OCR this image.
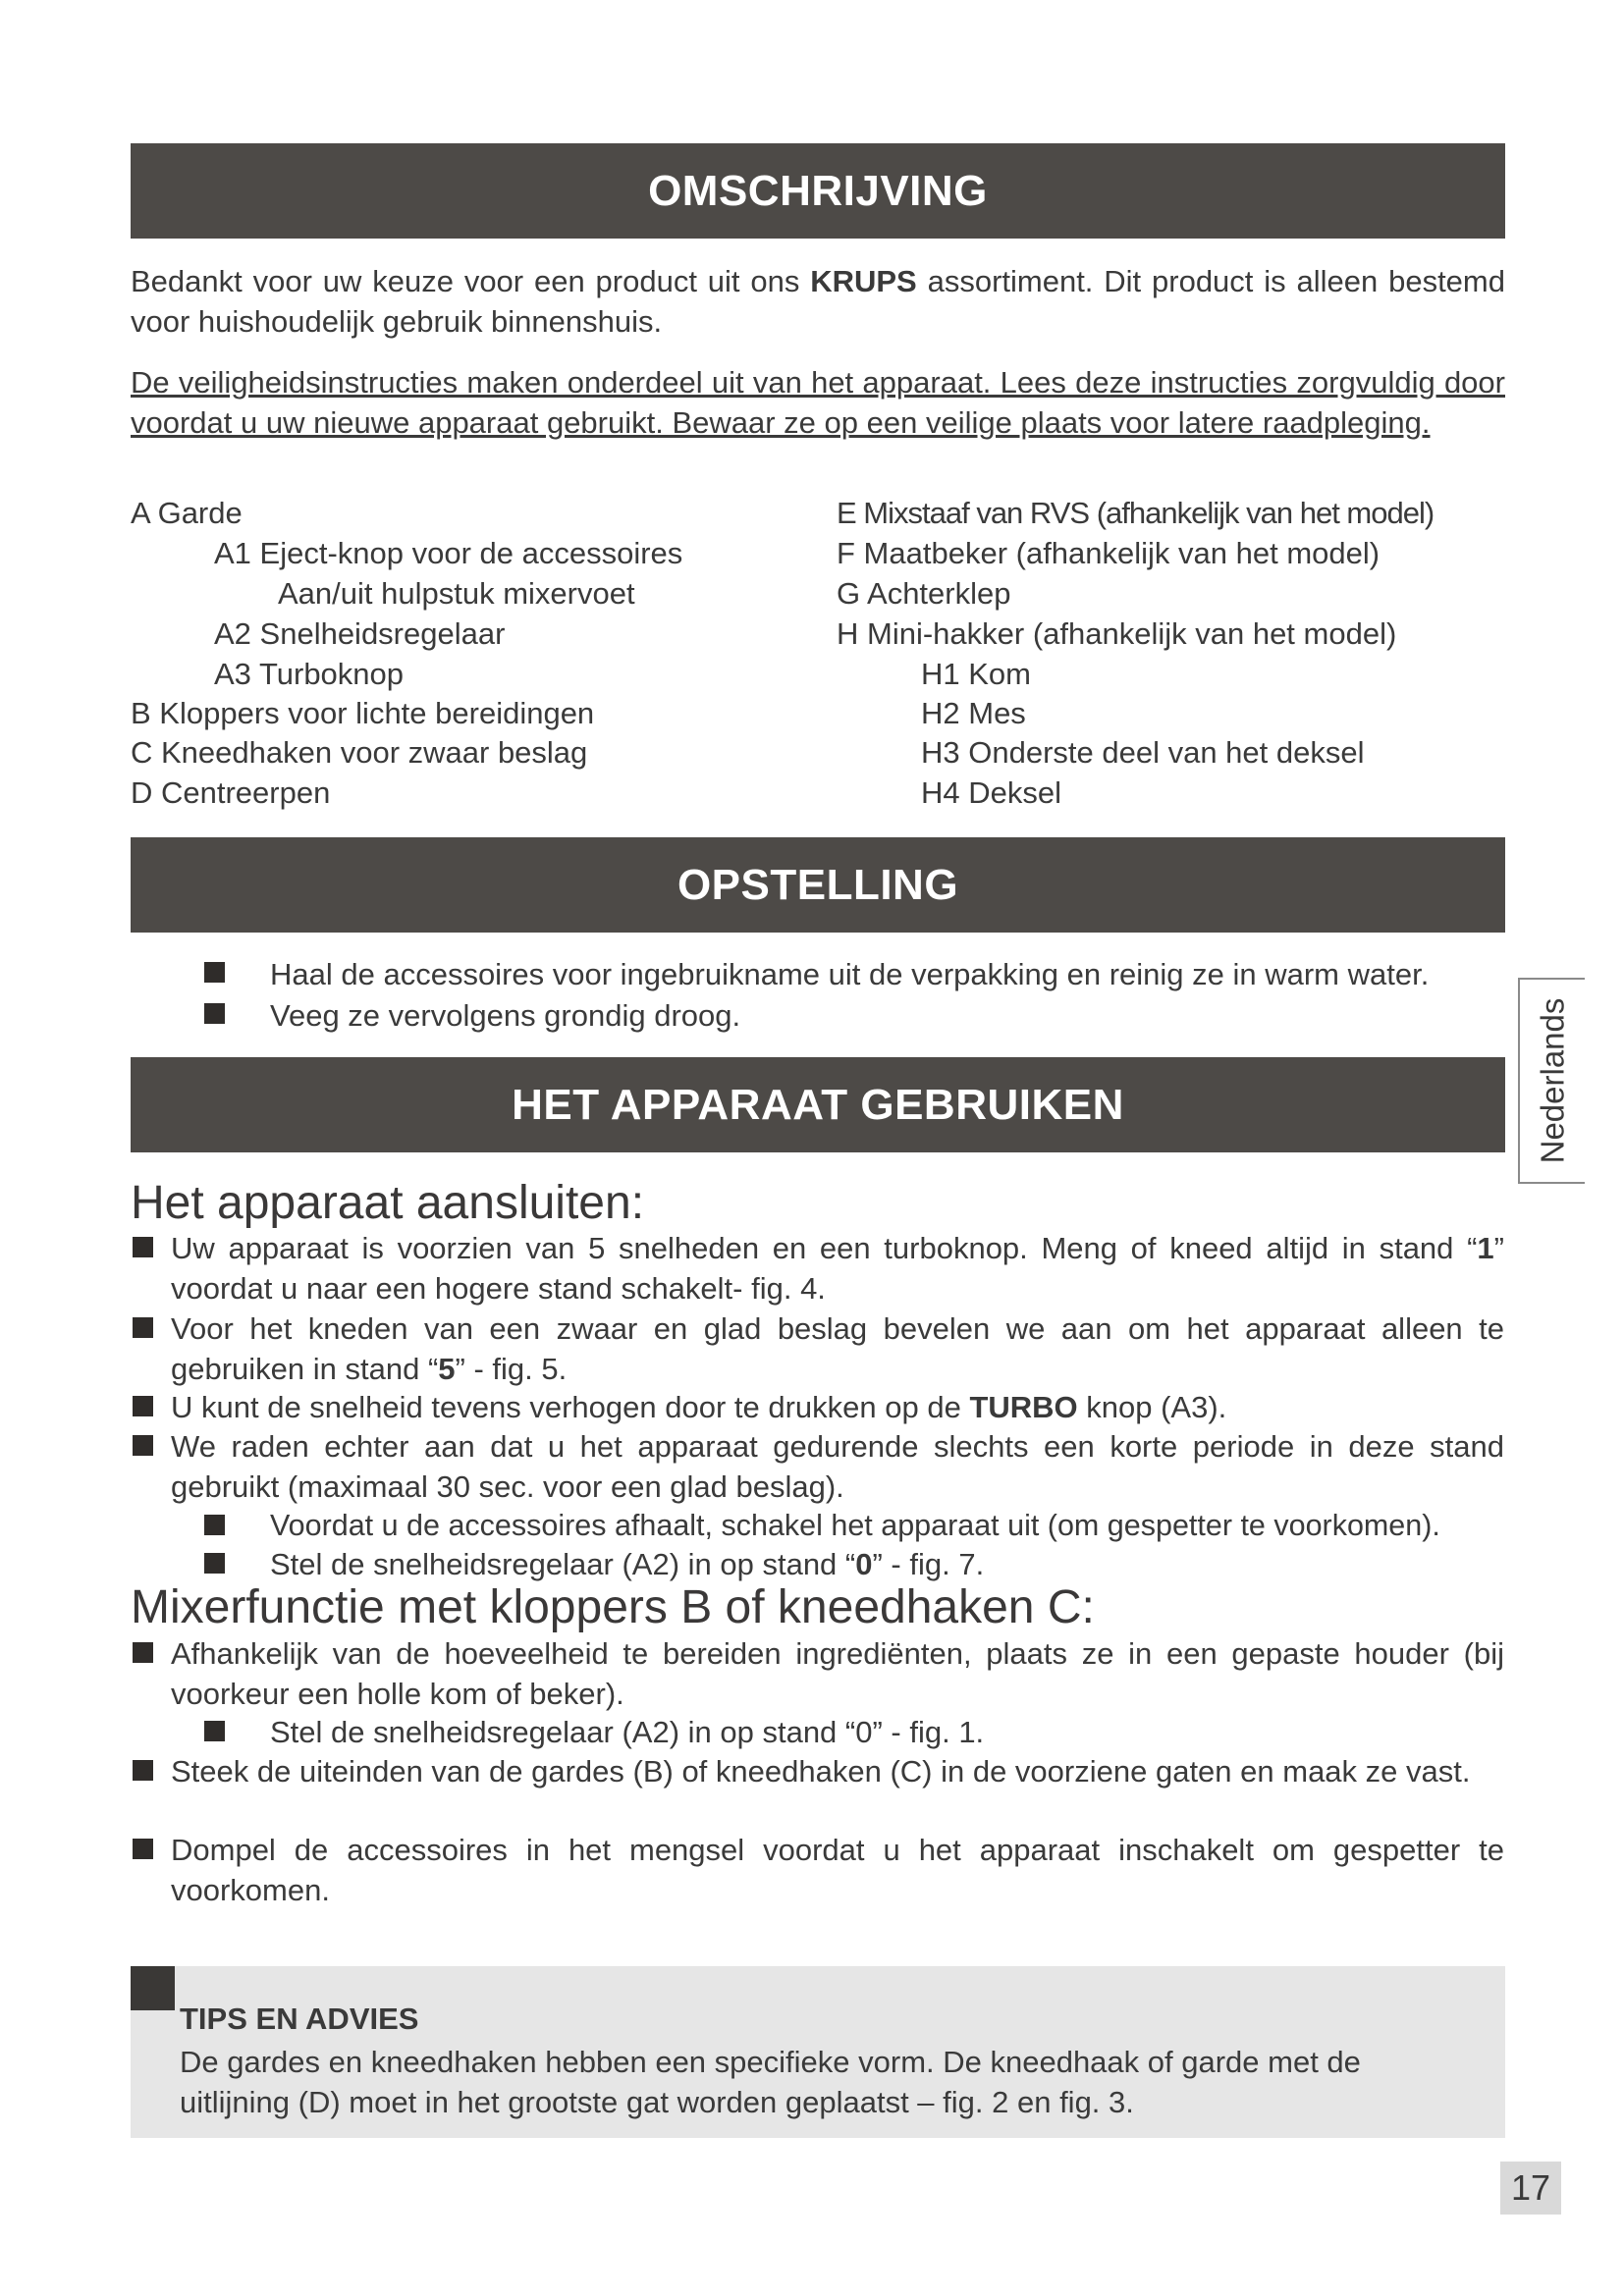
OMSCHRIJVING

Bedankt voor uw keuze voor een product uit ons KRUPS assortiment. Dit product is alleen bestemd voor huishoudelijk gebruik binnenshuis.

De veiligheidsinstructies maken onderdeel uit van het apparaat. Lees deze instructies zorgvuldig door voordat u uw nieuwe apparaat gebruikt. Bewaar ze op een veilige plaats voor latere raadpleging.

A Garde
A1 Eject-knop voor de accessoires
Aan/uit hulpstuk mixervoet
A2 Snelheidsregelaar
A3 Turboknop
B Kloppers voor lichte bereidingen
C Kneedhaken voor zwaar beslag
D Centreerpen
E Mixstaaf van RVS (afhankelijk van het model)
F Maatbeker (afhankelijk van het model)
G Achterklep
H Mini-hakker (afhankelijk van het model)
H1 Kom
H2 Mes
H3 Onderste deel van het deksel
H4 Deksel
OPSTELLING
Haal de accessoires voor ingebruikname uit de verpakking en reinig ze in warm water.
Veeg ze vervolgens grondig droog.
HET APPARAAT GEBRUIKEN	Nederlands
Het apparaat aansluiten:
Uw apparaat is voorzien van 5 snelheden en een turboknop. Meng of kneed altijd in stand “1” voordat u naar een hogere stand schakelt- fig. 4.
Voor het kneden van een zwaar en glad beslag bevelen we aan om het apparaat alleen te gebruiken in stand “5” - fig. 5.
U kunt de snelheid tevens verhogen door te drukken op de TURBO knop (A3).
We raden echter aan dat u het apparaat gedurende slechts een korte periode in deze stand gebruikt (maximaal 30 sec. voor een glad beslag).
Voordat u de accessoires afhaalt, schakel het apparaat uit (om gespetter te voorkomen).
Stel de snelheidsregelaar (A2) in op stand “0” - fig. 7.
Mixerfunctie met kloppers B of kneedhaken C:
Afhankelijk van de hoeveelheid te bereiden ingrediënten, plaats ze in een gepaste houder (bij voorkeur een holle kom of beker).
Stel de snelheidsregelaar (A2) in op stand “0” - fig. 1.
Steek de uiteinden van de gardes (B) of kneedhaken (C) in de voorziene gaten en maak ze vast.
Dompel de accessoires in het mengsel voordat u het apparaat inschakelt om gespetter te voorkomen.
TIPS EN ADVIES
De gardes en kneedhaken hebben een specifieke vorm. De kneedhaak of garde met de uitlijning (D) moet in het grootste gat worden geplaatst – fig. 2 en fig. 3.
17
